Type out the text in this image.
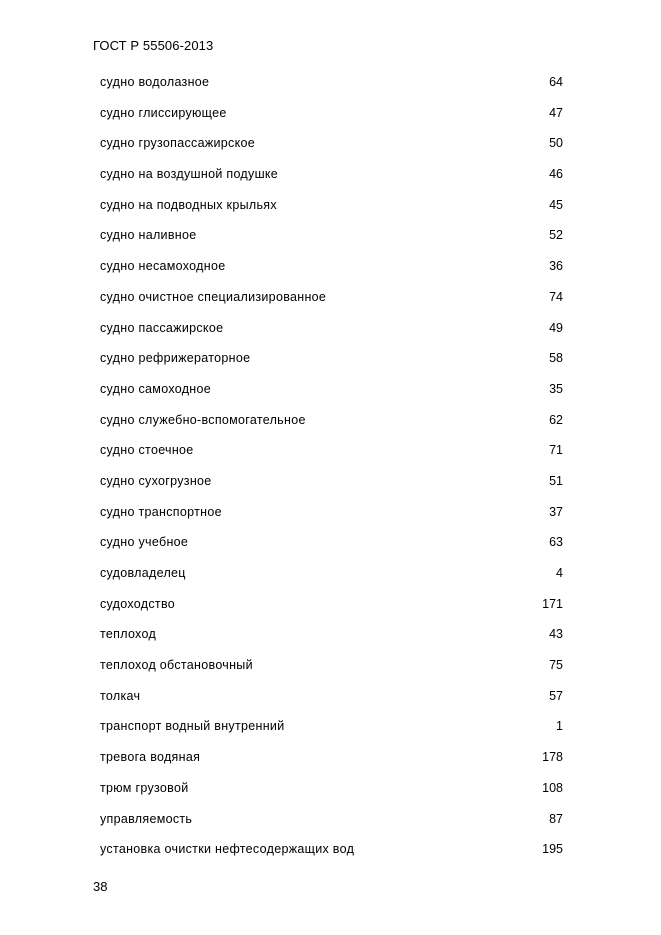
ГОСТ Р 55506-2013
судно водолазное	64
судно глиссирующее	47
судно грузопассажирское	50
судно на воздушной подушке	46
судно на подводных крыльях	45
судно наливное	52
судно несамоходное	36
судно очистное специализированное	74
судно пассажирское	49
судно рефрижераторное	58
судно самоходное	35
судно служебно-вспомогательное	62
судно стоечное	71
судно сухогрузное	51
судно транспортное	37
судно учебное	63
судовладелец	4
судоходство	171
теплоход	43
теплоход обстановочный	75
толкач	57
транспорт водный внутренний	1
тревога водяная	178
трюм грузовой	108
управляемость	87
установка очистки нефтесодержащих вод	195
38
